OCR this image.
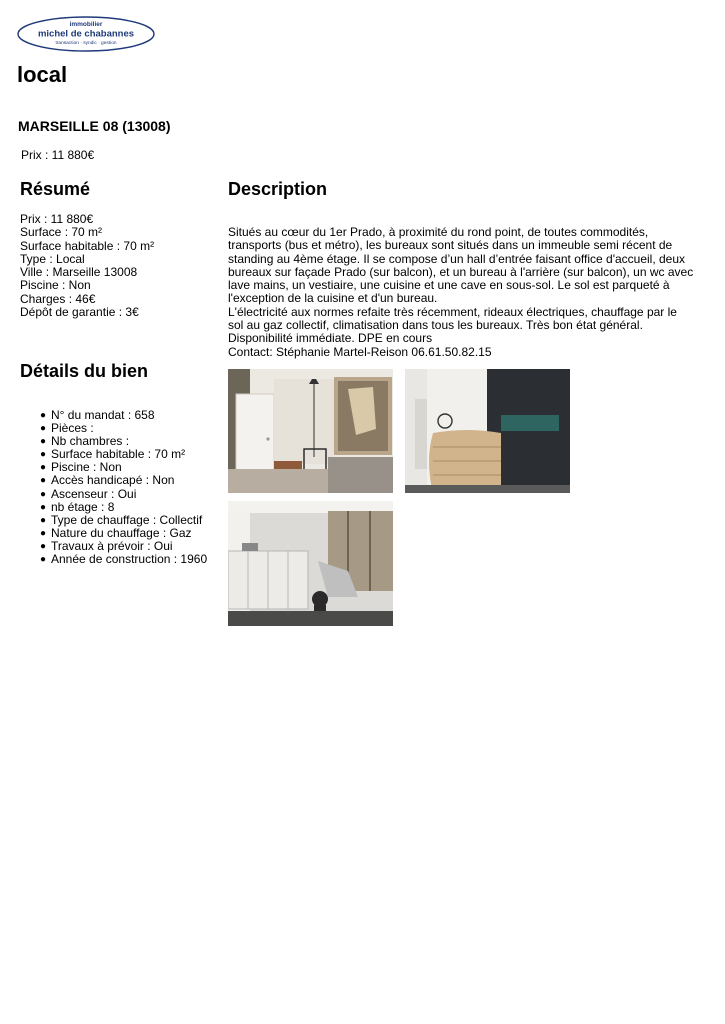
immobilier
michel de chabannes
transaction · syndic · gestion
local
MARSEILLE 08 (13008)
Prix : 11 880€
Résumé	Description
Détails du bien
Prix : 11 880€
Surface : 70 m²
Surface habitable : 70 m²
Type : Local
Ville : Marseille 13008
Piscine : Non
Charges : 46€
Dépôt de garantie : 3€
Situés au cœur du 1er Prado, à proximité du rond point, de toutes commodités,
transports (bus et métro), les bureaux sont situés dans un immeuble semi récent de
standing au 4ème étage. Il se compose d’un hall d’entrée faisant office d'accueil, deux
bureaux sur façade Prado (sur balcon), et un bureau à l'arrière (sur balcon), un wc avec
lave mains, un vestiaire, une cuisine et une cave en sous-sol. Le sol est parqueté à
l'exception de la cuisine et d'un bureau.
L'électricité aux normes refaite très récemment, rideaux électriques, chauffage par le
sol au gaz collectif, climatisation dans tous les bureaux. Très bon état général.
Disponibilité immédiate. DPE en cours
Contact: Stéphanie Martel-Reison 06.61.50.82.15
● N° du mandat : 658
● Pièces :
● Nb chambres :
● Surface habitable : 70 m²
● Piscine : Non
● Accès handicapé : Non
● Ascenseur : Oui
● nb étage : 8
● Type de chauffage : Collectif
● Nature du chauffage : Gaz
● Travaux à prévoir : Oui
● Année de construction : 1960
